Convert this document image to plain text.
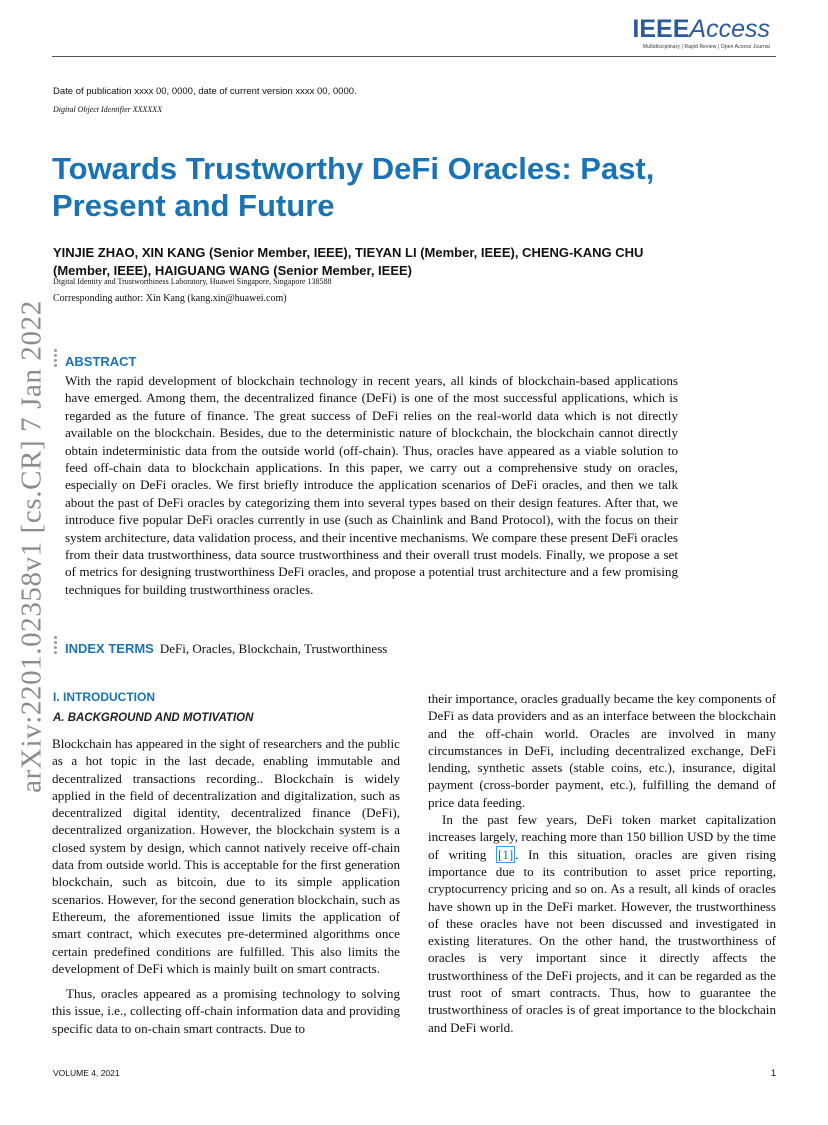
IEEEAccess
Multidisciplinary | Rapid Review | Open Access Journal
Date of publication xxxx 00, 0000, date of current version xxxx 00, 0000.
Digital Object Identifier XXXXXX
Towards Trustworthy DeFi Oracles: Past, Present and Future
YINJIE ZHAO, XIN KANG (Senior Member, IEEE), TIEYAN LI (Member, IEEE), CHENG-KANG CHU (Member, IEEE), HAIGUANG WANG (Senior Member, IEEE)
Digital Identity and Trustworthiness Laboratory, Huawei Singapore, Singapore 138588
Corresponding author: Xin Kang (kang.xin@huawei.com)
arXiv:2201.02358v1 [cs.CR] 7 Jan 2022 ABSTRACT

With the rapid development of blockchain technology in recent years, all kinds of blockchain-based applications have emerged. Among them, the decentralized finance (DeFi) is one of the most successful applications, which is regarded as the future of finance. The great success of DeFi relies on the real-world data which is not directly available on the blockchain. Besides, due to the deterministic nature of blockchain, the blockchain cannot directly obtain indeterministic data from the outside world (off-chain). Thus, oracles have appeared as a viable solution to feed off-chain data to blockchain applications. In this paper, we carry out a comprehensive study on oracles, especially on DeFi oracles. We first briefly introduce the application scenarios of DeFi oracles, and then we talk about the past of DeFi oracles by categorizing them into several types based on their design features. After that, we introduce five popular DeFi oracles currently in use (such as Chainlink and Band Protocol), with the focus on their system architecture, data validation process, and their incentive mechanisms. We compare these present DeFi oracles from their data trustworthiness, data source trustworthiness and their overall trust models. Finally, we propose a set of metrics for designing trustworthiness DeFi oracles, and propose a potential trust architecture and a few promising techniques for building trustworthiness oracles.

INDEX TERMS DeFi, Oracles, Blockchain, Trustworthiness
I. INTRODUCTION
A. BACKGROUND AND MOTIVATION

Blockchain has appeared in the sight of researchers and the public as a hot topic in the last decade, enabling immutable and decentralized transactions recording.. Blockchain is widely applied in the field of decentralization and digitalization, such as decentralized digital identity, decentralized finance (DeFi), decentralized organization. However, the blockchain system is a closed system by design, which cannot natively receive off-chain data from outside world. This is acceptable for the first generation blockchain, such as bitcoin, due to its simple application scenarios. However, for the second generation blockchain, such as Ethereum, the aforementioned issue limits the application of smart contract, which executes pre-determined algorithms once certain predefined conditions are fulfilled. This also limits the development of DeFi which is mainly built on smart contracts.

Thus, oracles appeared as a promising technology to solving this issue, i.e., collecting off-chain information data and providing specific data to on-chain smart contracts. Due to

their importance, oracles gradually became the key components of DeFi as data providers and as an interface between the blockchain and the off-chain world. Oracles are involved in many circumstances in DeFi, including decentralized exchange, DeFi lending, synthetic assets (stable coins, etc.), insurance, digital payment (cross-border payment, etc.), fulfilling the demand of price data feeding.

In the past few years, DeFi token market capitalization increases largely, reaching more than 150 billion USD by the time of writing [1] . In this situation, oracles are given rising importance due to its contribution to asset price reporting, cryptocurrency pricing and so on. As a result, all kinds of oracles have shown up in the DeFi market. However, the trustworthiness of these oracles have not been discussed and investigated in existing literatures. On the other hand, the trustworthiness of oracles is very important since it directly affects the trustworthiness of the DeFi projects, and it can be regarded as the trust root of smart contracts. Thus, how to guarantee the trustworthiness of oracles is of great importance to the blockchain and DeFi world.

VOLUME 4, 2021	1
